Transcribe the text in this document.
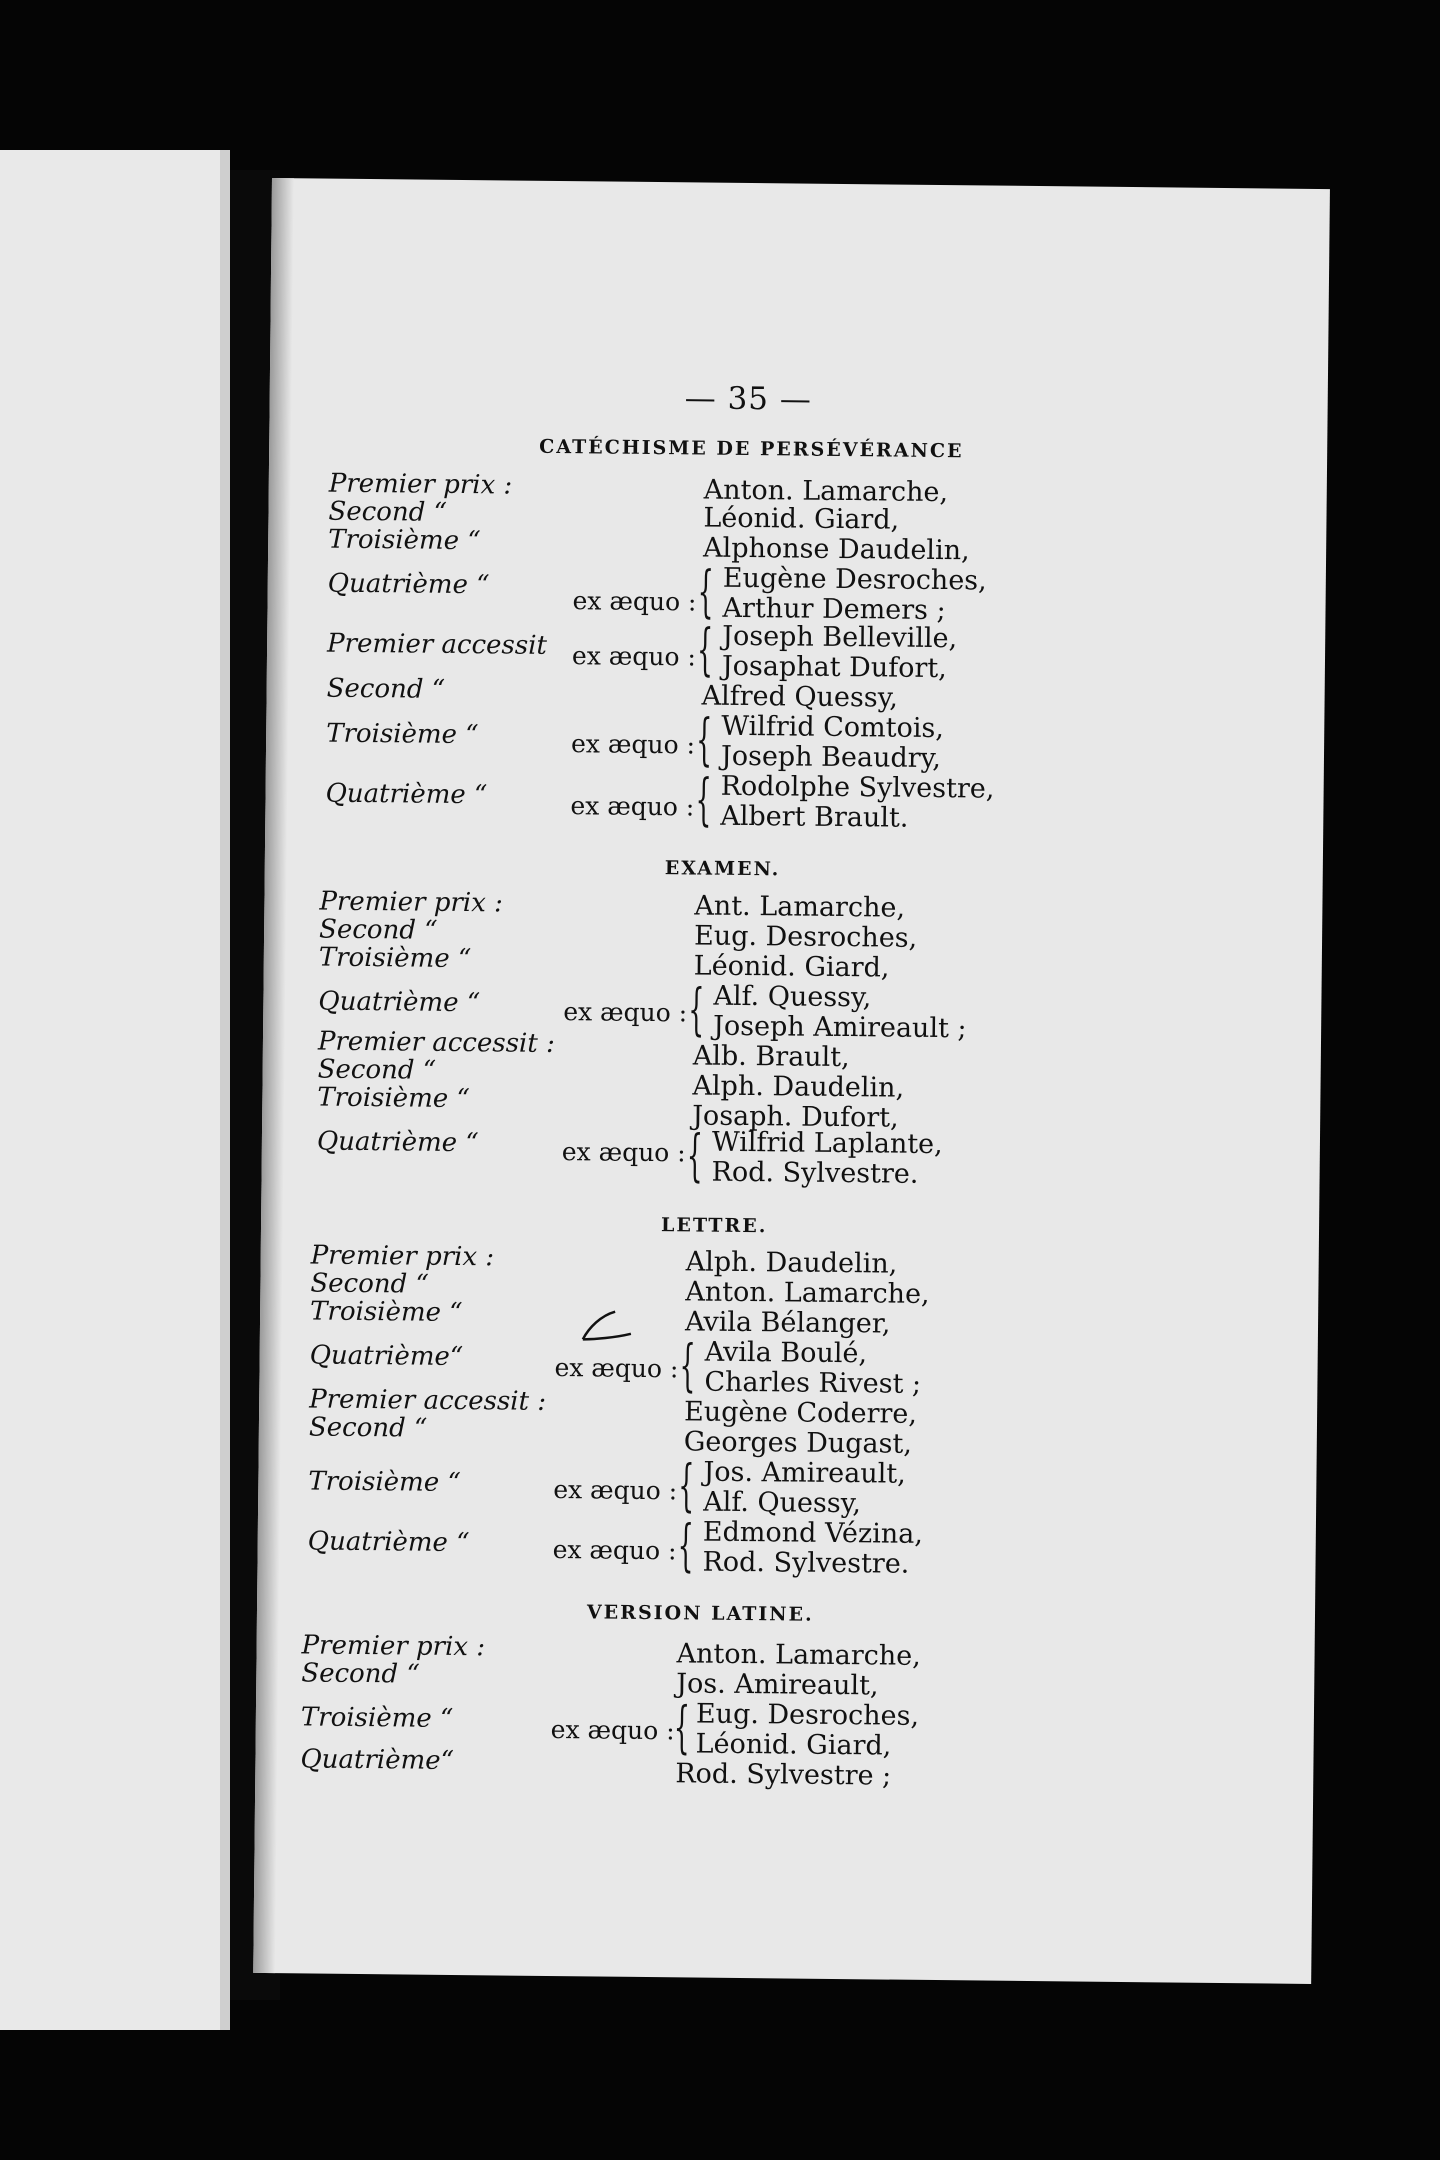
— 35 —
CATÉCHISME DE PERSÉVÉRANCE
Premier prix :
Second “
Troisième “
Quatrième “
Premier accessit
Second “
Troisième “
Quatrième “
ex æquo :
ex æquo :
ex æquo :
ex æquo :
Anton. Lamarche,
Léonid. Giard,
Alphonse Daudelin,
{ Eugène Desroches,
Arthur Demers ;
{ Joseph Belleville,
Josaphat Dufort,
Alfred Quessy,
{ Wilfrid Comtois,
Joseph Beaudry,
{ Rodolphe Sylvestre,
Albert Brault.
EXAMEN.
Premier prix :
Second “
Troisième “
Quatrième “
Premier accessit :
Second “
Troisième “
Quatrième “
ex æquo :
ex æquo :
Ant. Lamarche,
Eug. Desroches,
Léonid. Giard,
{ Alf. Quessy,
Joseph Amireault ;
Alb. Brault,
Alph. Daudelin,
Josaph. Dufort,
{ Wilfrid Laplante,
Rod. Sylvestre.
LETTRE.
Premier prix :
Second “
Troisième “
Quatrième“
Premier accessit :
Second “
Troisième “
Quatrième “
ex æquo :
ex æquo :
ex æquo :
Alph. Daudelin,
Anton. Lamarche,
Avila Bélanger,
{ Avila Boulé,
Charles Rivest ;
Eugène Coderre,
Georges Dugast,
{ Jos. Amireault,
Alf. Quessy,
{ Edmond Vézina,
Rod. Sylvestre.
VERSION LATINE.
Premier prix :
Second “
Troisième “
Quatrième“
ex æquo :
Anton. Lamarche,
Jos. Amireault,
{ Eug. Desroches,
Léonid. Giard,
Rod. Sylvestre ;
